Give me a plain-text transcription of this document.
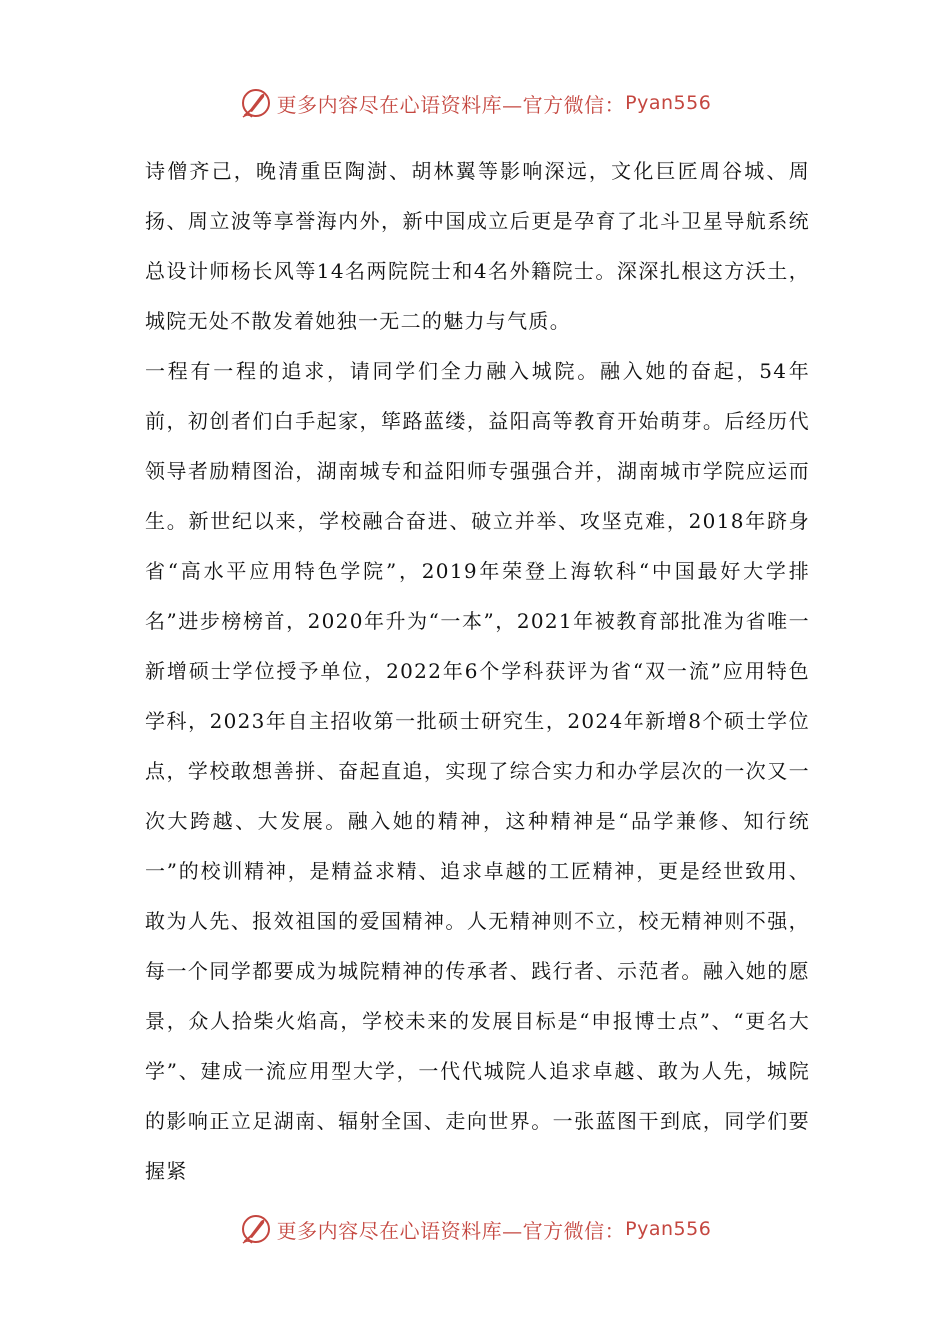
更多内容尽在心语资料库—官方微信： Pyan556

诗僧齐己，晚清重臣陶澍、胡林翼等影响深远，文化巨匠周谷城、周扬、周立波等享誉海内外，新中国成立后更是孕育了北斗卫星导航系统总设计师杨长风等14名两院院士和4名外籍院士。深深扎根这方沃土，城院无处不散发着她独一无二的魅力与气质。

一程有一程的追求，请同学们全力融入城院。融入她的奋起，54年前，初创者们白手起家，筚路蓝缕，益阳高等教育开始萌芽。后经历代领导者励精图治，湖南城专和益阳师专强强合并，湖南城市学院应运而生。新世纪以来，学校融合奋进、破立并举、攻坚克难，2018年跻身省“高水平应用特色学院”，2019年荣登上海软科“中国最好大学排名”进步榜榜首，2020年升为“一本”，2021年被教育部批准为省唯一新增硕士学位授予单位，2022年6个学科获评为省“双一流”应用特色学科，2023年自主招收第一批硕士研究生，2024年新增8个硕士学位点，学校敢想善拼、奋起直追，实现了综合实力和办学层次的一次又一次大跨越、大发展。融入她的精神，这种精神是“品学兼修、知行统一”的校训精神，是精益求精、追求卓越的工匠精神，更是经世致用、敢为人先、报效祖国的爱国精神。人无精神则不立，校无精神则不强，每一个同学都要成为城院精神的传承者、践行者、示范者。融入她的愿景，众人拾柴火焰高，学校未来的发展目标是“申报博士点”、“更名大学”、建成一流应用型大学，一代代城院人追求卓越、敢为人先，城院的影响正立足湖南、辐射全国、走向世界。一张蓝图干到底，同学们要握紧

更多内容尽在心语资料库—官方微信： Pyan556
